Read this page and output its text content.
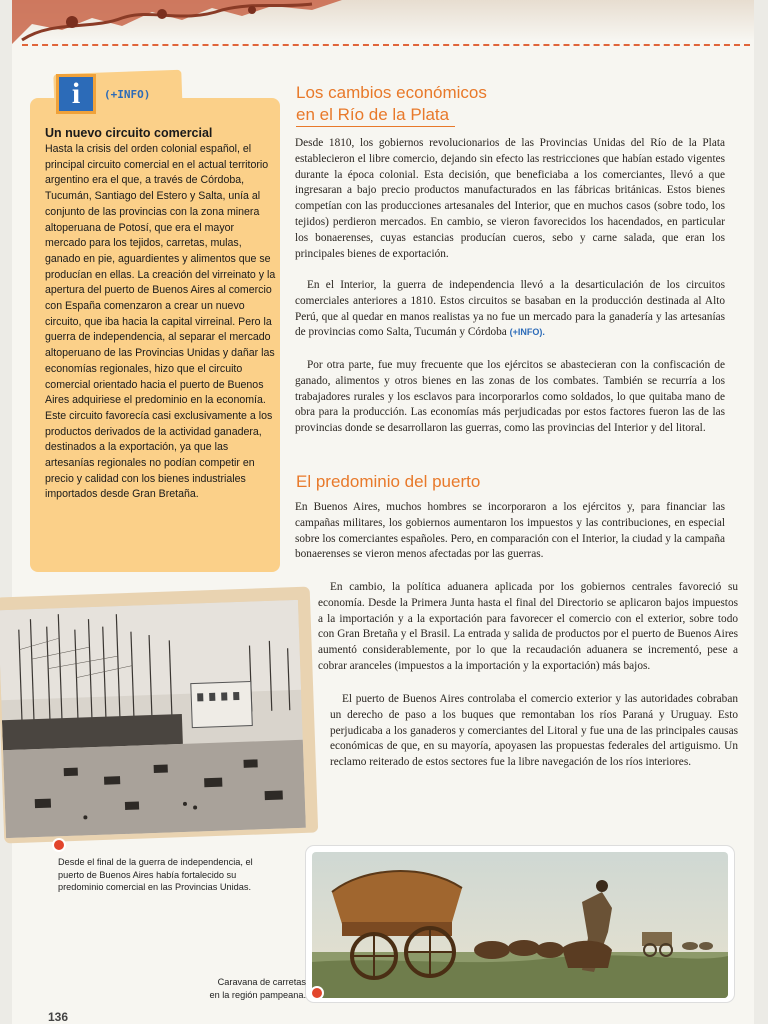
i	(+INFO)
Un nuevo circuito comercial
Hasta la crisis del orden colonial español, el principal circuito comercial en el actual territorio argentino era el que, a través de Córdoba, Tucumán, Santiago del Estero y Salta, unía al conjunto de las provincias con la zona minera altoperuana de Potosí, que era el mayor mercado para los tejidos, carretas, mulas, ganado en pie, aguardientes y alimentos que se producían en ellas. La creación del virreinato y la apertura del puerto de Buenos Aires al comercio con España comenzaron a crear un nuevo circuito, que iba hacia la capital virreinal. Pero la guerra de independencia, al separar el mercado altoperuano de las Provincias Unidas y dañar las economías regionales, hizo que el circuito comercial orientado hacia el puerto de Buenos Aires adquiriese el predominio en la economía. Este circuito favorecía casi exclusivamente a los productos derivados de la actividad ganadera, destinados a la exportación, ya que las artesanías regionales no podían competir en precio y calidad con los bienes industriales importados desde Gran Bretaña.
Los cambios económicos
en el Río de la Plata
Desde 1810, los gobiernos revolucionarios de las Provincias Unidas del Río de la Plata establecieron el libre comercio, dejando sin efecto las restricciones que habían estado vigentes durante la época colonial. Esta decisión, que beneficiaba a los comerciantes, llevó a que ingresaran a bajo precio productos manufacturados en las fábricas británicas. Estos bienes competían con las producciones artesanales del Interior, que en muchos casos (sobre todo, los tejidos) perdieron mercados. En cambio, se vieron favorecidos los hacendados, en particular los bonaerenses, cuyas estancias producían cueros, sebo y carne salada, que eran los principales bienes de exportación.
En el Interior, la guerra de independencia llevó a la desarticulación de los circuitos comerciales anteriores a 1810. Estos circuitos se basaban en la producción destinada al Alto Perú, que al quedar en manos realistas ya no fue un mercado para la ganadería y las artesanías de provincias como Salta, Tucumán y Córdoba (+INFO).
Por otra parte, fue muy frecuente que los ejércitos se abastecieran con la confiscación de ganado, alimentos y otros bienes en las zonas de los combates. También se recurría a los trabajadores rurales y los esclavos para incorporarlos como soldados, lo que quitaba mano de obra para la producción. Las economías más perjudicadas por estos factores fueron las de las provincias donde se desarrollaron las guerras, como las provincias del Interior y del litoral.
El predominio del puerto
En Buenos Aires, muchos hombres se incorporaron a los ejércitos y, para financiar las campañas militares, los gobiernos aumentaron los impuestos y las contribuciones, en especial sobre los comerciantes españoles. Pero, en comparación con el Interior, la ciudad y la campaña bonaerenses se vieron menos afectadas por las guerras.
En cambio, la política aduanera aplicada por los gobiernos centrales favoreció su economía. Desde la Primera Junta hasta el final del Directorio se aplicaron bajos impuestos a la importación y a la exportación para favorecer el comercio con el exterior, sobre todo con Gran Bretaña y el Brasil. La entrada y salida de productos por el puerto de Buenos Aires aumentó considerablemente, por lo que la recaudación aduanera se incrementó, pese a cobrar aranceles (impuestos a la importación y la exportación) más bajos.
El puerto de Buenos Aires controlaba el comercio exterior y las autoridades cobraban un derecho de paso a los buques que remontaban los ríos Paraná y Uruguay. Esto perjudicaba a los ganaderos y comerciantes del Litoral y fue una de las principales causas económicas de que, en su mayoría, apoyasen las propuestas federales del artiguismo. Un reclamo reiterado de estos sectores fue la libre navegación de los ríos interiores.
Desde el final de la guerra de independencia, el puerto de Buenos Aires había fortalecido su predominio comercial en las Provincias Unidas.
Caravana de carretas
en la región pampeana.
136
